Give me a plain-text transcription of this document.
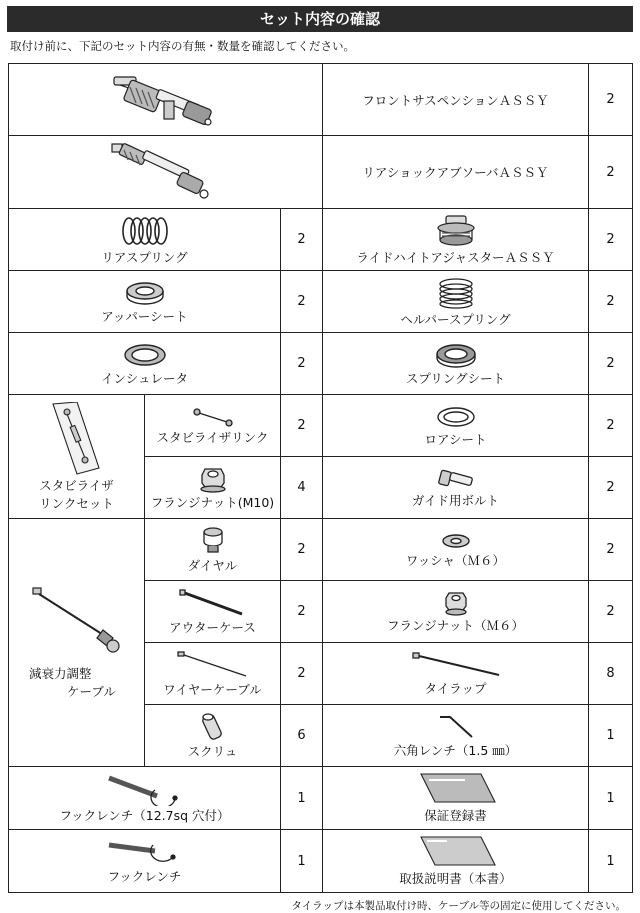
セット内容の確認
取付け前に、下記のセット内容の有無・数量を確認してください。
	フロントサスペンションＡＳＳＹ	2

	リアショックアブソーバＡＳＳＹ	2

リアスプリング		2	ライドハイトアジャスターＡＳＳＹ	2

アッパーシート		2	ヘルパースプリング	2

インシュレータ		2	スプリングシート	2

スタビライザ
リンクセット	スタビライザリンク	2	ロアシート	2

	フランジナット(M10)	4	ガイド用ボルト	2

減衰力調整
ケーブル	ダイヤル	2	ワッシャ（Ｍ６）	2

	アウターケース	2	フランジナット（Ｍ６）	2

	ワイヤーケーブル	2	タイラップ	8

	スクリュ	6	六角レンチ（1.5 ㎜）	1

フックレンチ（12.7sq 穴付）		1	保証登録書	1

フックレンチ		1	取扱説明書（本書）	1
タイラップは本製品取付け時、ケーブル等の固定に使用してください。
